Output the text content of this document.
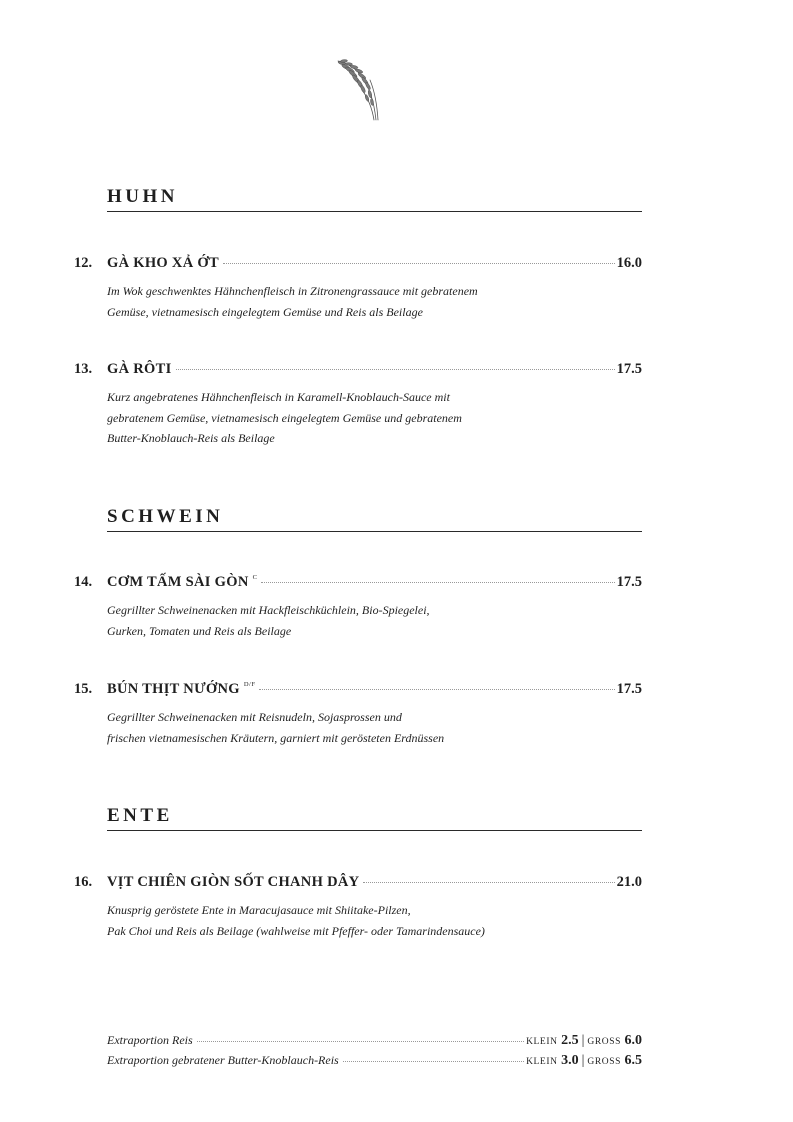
HUHN
12.	GÀ KHO XẢ ỚT	16.0
Im Wok geschwenktes Hähnchenfleisch in Zitronengrassauce mit gebratenem
Gemüse, vietnamesisch eingelegtem Gemüse und Reis als Beilage
13.	GÀ RÔTI	17.5
Kurz angebratenes Hähnchenfleisch in Karamell-Knoblauch-Sauce mit
gebratenem Gemüse, vietnamesisch eingelegtem Gemüse und gebratenem
Butter-Knoblauch-Reis als Beilage
SCHWEIN
14.	CƠM TẤM SÀI GÒN $^C$	17.5
Gegrillter Schweinenacken mit Hackfleischküchlein, Bio-Spiegelei,
Gurken, Tomaten und Reis als Beilage
15.	BÚN THỊT NƯỚNG $^{D/F}$	17.5
Gegrillter Schweinenacken mit Reisnudeln, Sojasprossen und
frischen vietnamesischen Kräutern, garniert mit gerösteten Erdnüssen
ENTE
16.	VỊT CHIÊN GIÒN SỐT CHANH DÂY	21.0
Knusprig geröstete Ente in Maracujasauce mit Shiitake-Pilzen,
Pak Choi und Reis als Beilage (wahlweise mit Pfeffer- oder Tamarindensauce)
Extraportion Reis	KLEIN 2.5 | GROSS 6.0
Extraportion gebratener Butter-Knoblauch-Reis	KLEIN 3.0 | GROSS 6.5
